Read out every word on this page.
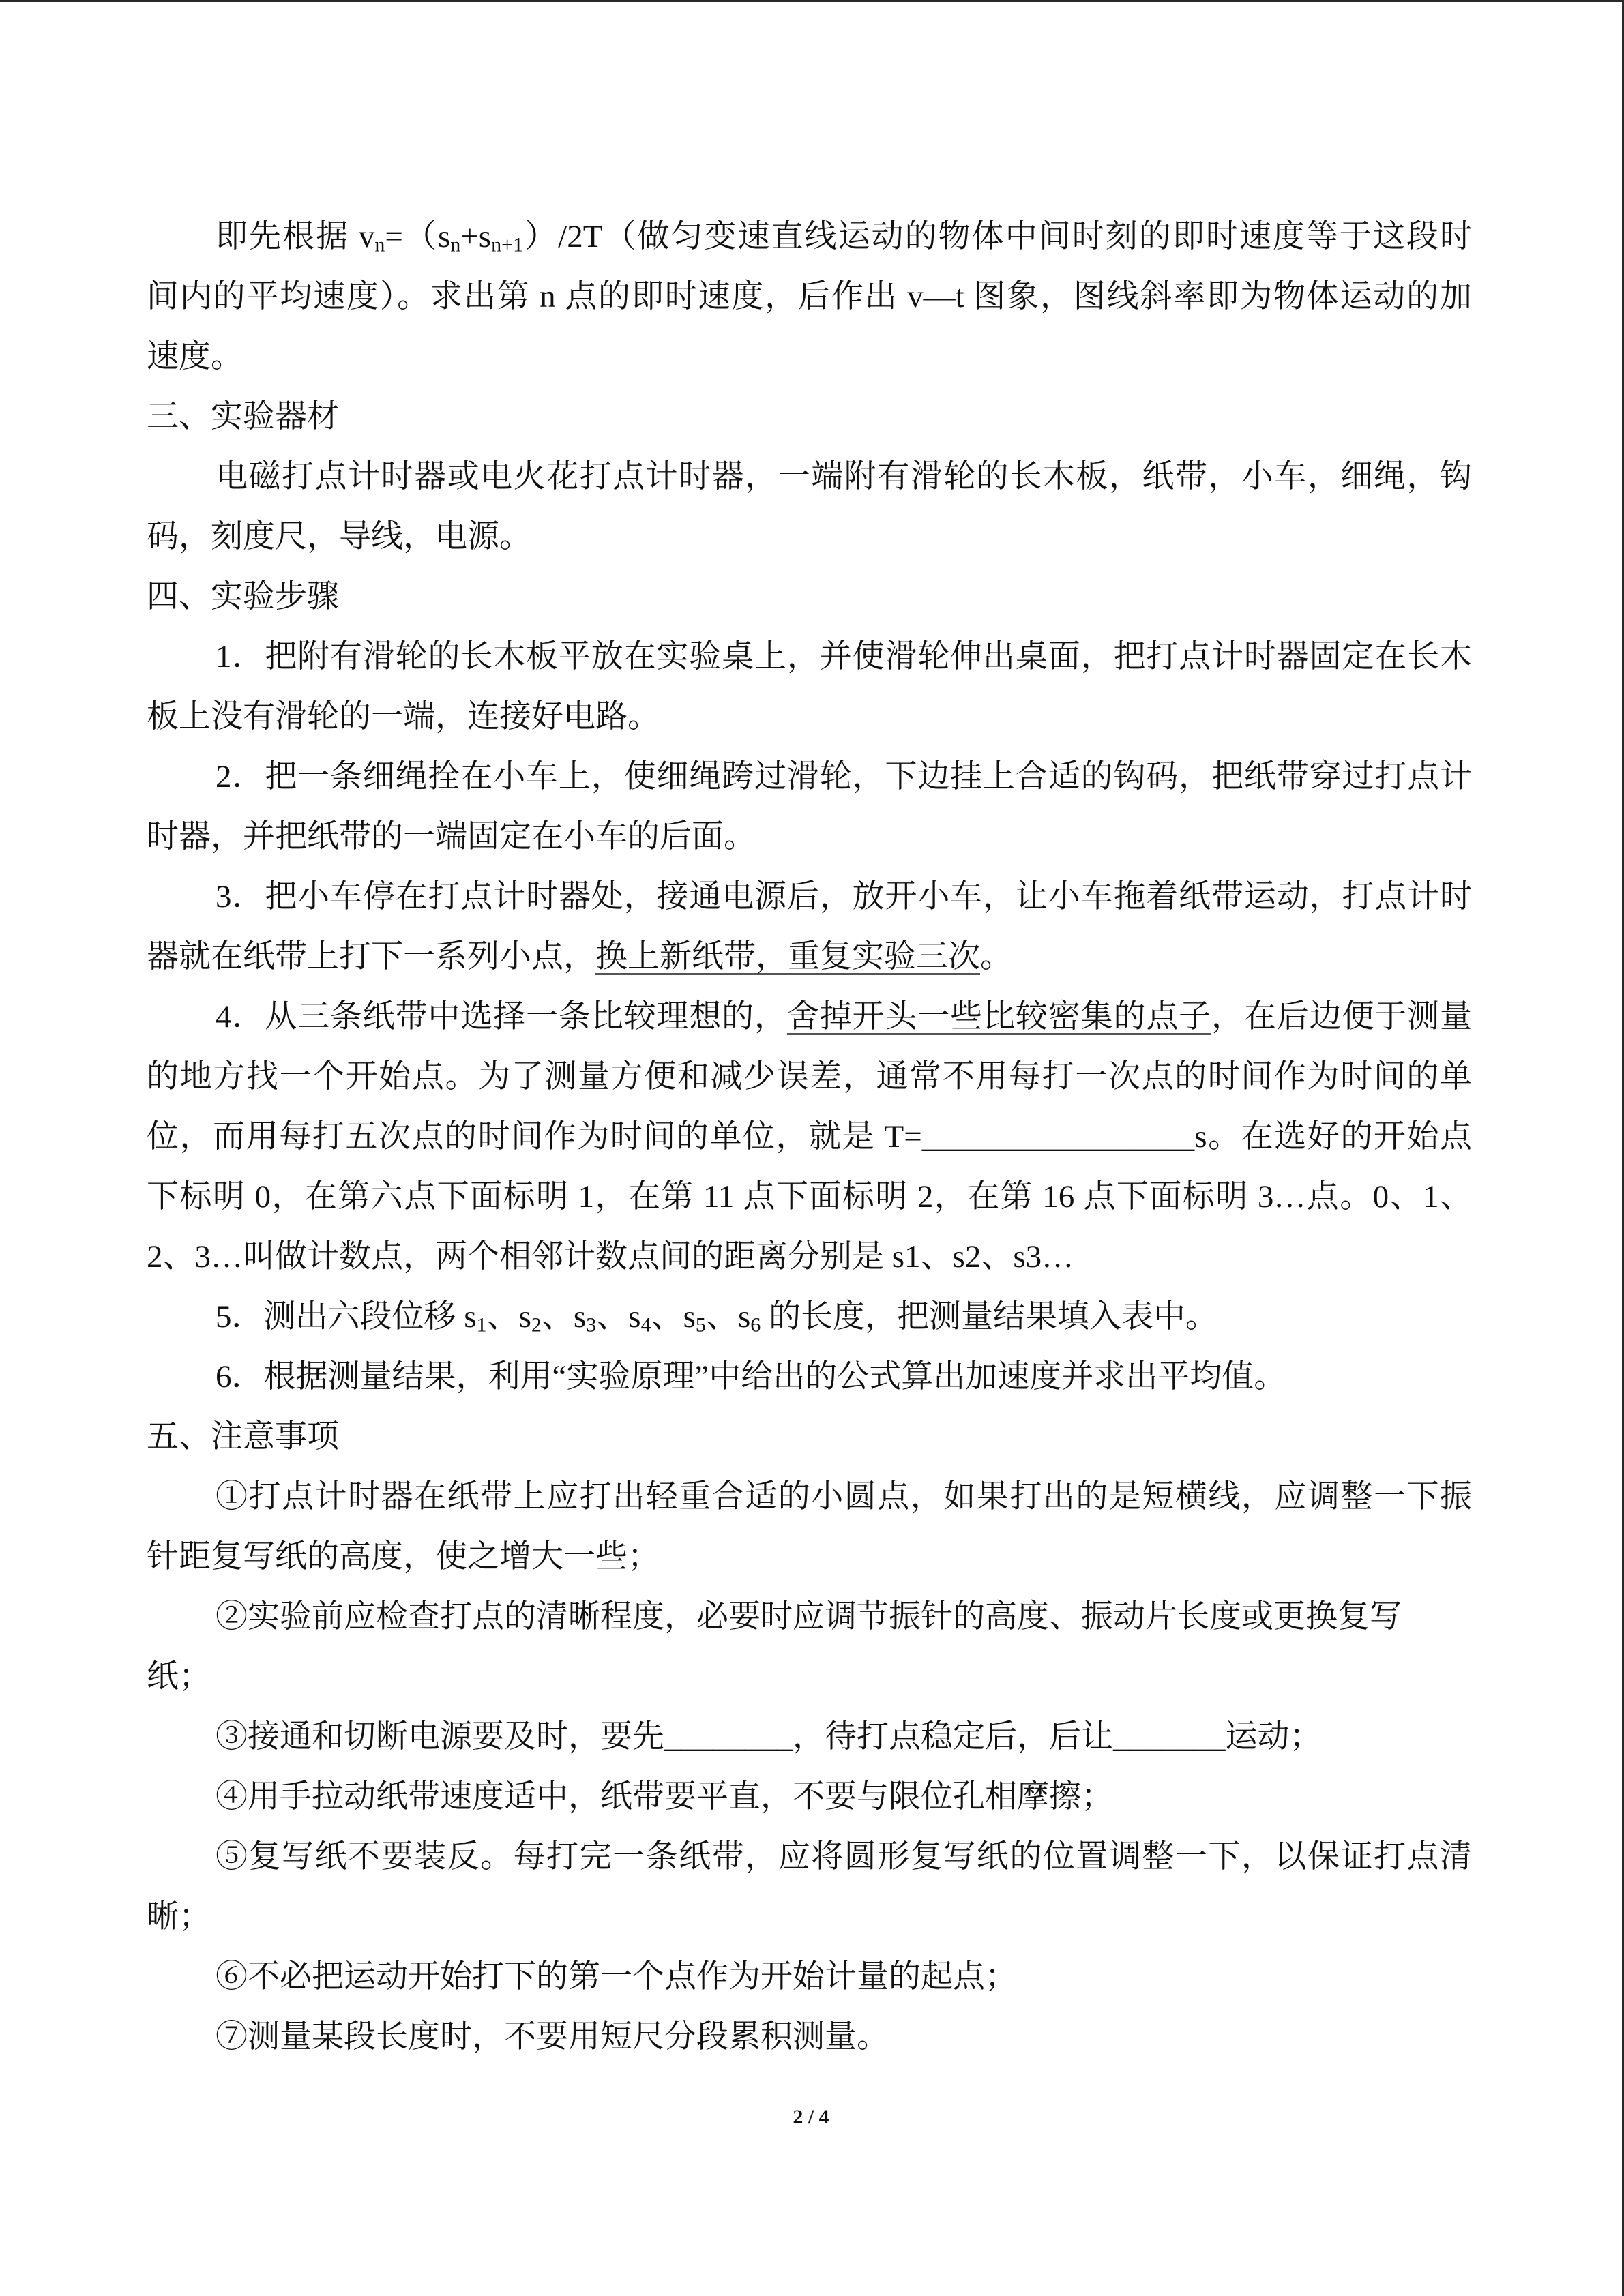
即先根据 $v_n=(s_n+s_{n+1})/2T$（做匀变速直线运动的物体中间时刻的即时速度等于这段时
间内的平均速度）。求出第 n 点的即时速度，后作出 v—t 图象，图线斜率即为物体运动的加
速度。
三、实验器材
电磁打点计时器或电火花打点计时器，一端附有滑轮的长木板，纸带，小车，细绳，钩
码，刻度尺，导线，电源。
四、实验步骤
1．把附有滑轮的长木板平放在实验桌上，并使滑轮伸出桌面，把打点计时器固定在长木
板上没有滑轮的一端，连接好电路。
2．把一条细绳拴在小车上，使细绳跨过滑轮，下边挂上合适的钩码，把纸带穿过打点计
时器，并把纸带的一端固定在小车的后面。
3．把小车停在打点计时器处，接通电源后，放开小车，让小车拖着纸带运动，打点计时
器就在纸带上打下一系列小点，换上新纸带，重复实验三次。
4．从三条纸带中选择一条比较理想的，舍掉开头一些比较密集的点子，在后边便于测量
的地方找一个开始点。为了测量方便和减少误差，通常不用每打一次点的时间作为时间的单
位，而用每打五次点的时间作为时间的单位，就是 T=_________________s。在选好的开始点
下标明 0，在第六点下面标明 1，在第 11 点下面标明 2，在第 16 点下面标明 3…点。0、1、
2、3…叫做计数点，两个相邻计数点间的距离分别是 s1、s2、s3…
5．测出六段位移 $s_1$、$s_2$、$s_3$、$s_4$、$s_5$、$s_6$ 的长度，把测量结果填入表中。
6．根据测量结果，利用“实验原理”中给出的公式算出加速度并求出平均值。
五、注意事项
①打点计时器在纸带上应打出轻重合适的小圆点，如果打出的是短横线，应调整一下振
针距复写纸的高度，使之增大一些；
②实验前应检查打点的清晰程度，必要时应调节振针的高度、振动片长度或更换复写
纸；
③接通和切断电源要及时，要先________，待打点稳定后，后让_______运动；
④用手拉动纸带速度适中，纸带要平直，不要与限位孔相摩擦；
⑤复写纸不要装反。每打完一条纸带，应将圆形复写纸的位置调整一下，以保证打点清
晰；
⑥不必把运动开始打下的第一个点作为开始计量的起点；
⑦测量某段长度时，不要用短尺分段累积测量。
2 / 4
